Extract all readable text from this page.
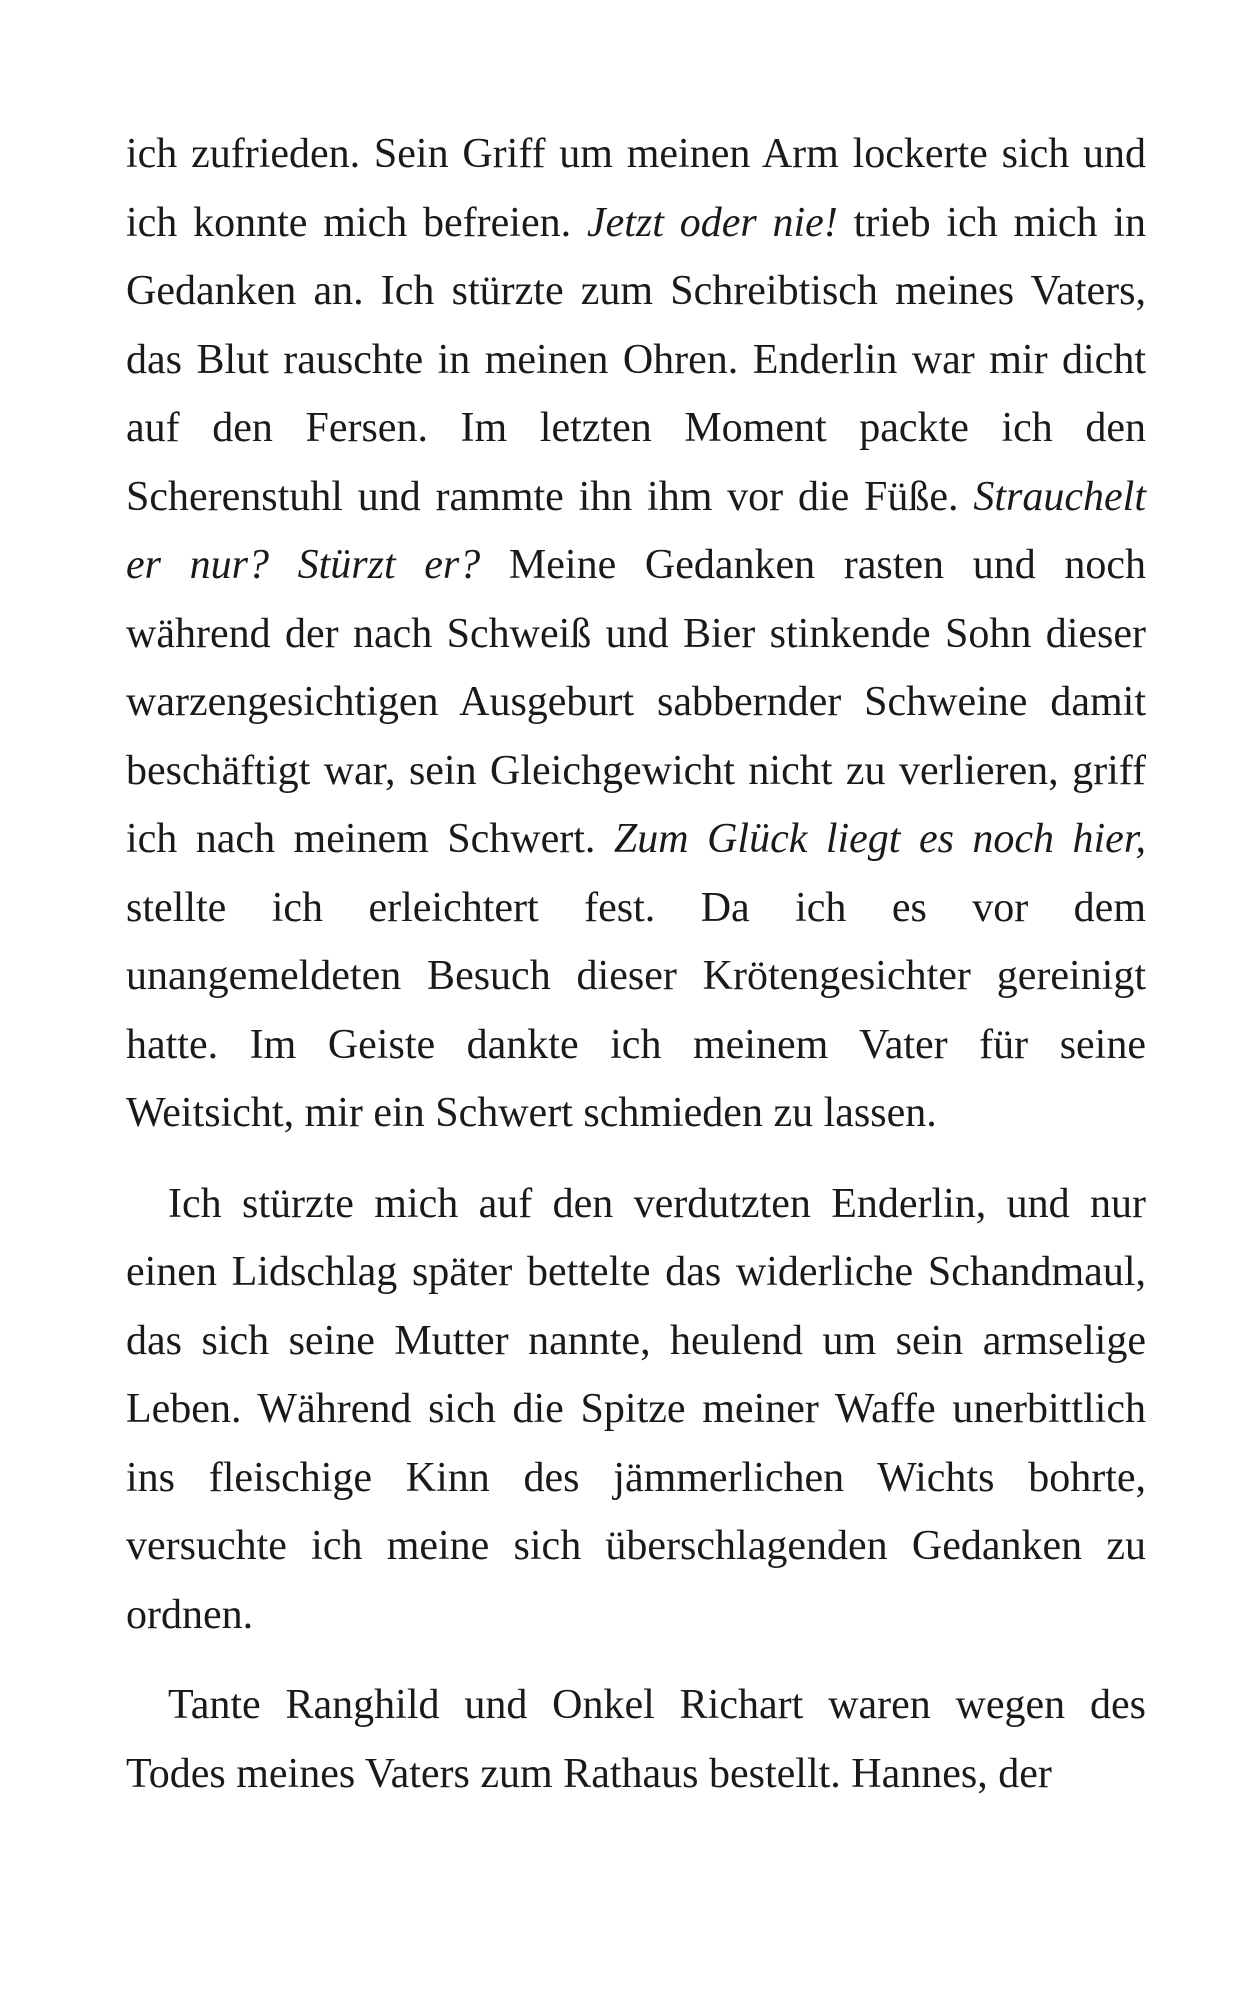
ich zufrieden. Sein Griff um meinen Arm lockerte sich und ich konnte mich befreien. Jetzt oder nie! trieb ich mich in Gedanken an. Ich stürzte zum Schreibtisch meines Vaters, das Blut rauschte in meinen Ohren. Enderlin war mir dicht auf den Fersen. Im letzten Moment packte ich den Scherenstuhl und rammte ihn ihm vor die Füße. Strauchelt er nur? Stürzt er? Meine Gedanken rasten und noch während der nach Schweiß und Bier stinkende Sohn dieser warzengesichtigen Ausgeburt sabbernder Schweine damit beschäftigt war, sein Gleichgewicht nicht zu verlieren, griff ich nach meinem Schwert. Zum Glück liegt es noch hier, stellte ich erleichtert fest. Da ich es vor dem unangemeldeten Besuch dieser Krötengesichter gereinigt hatte. Im Geiste dankte ich meinem Vater für seine Weitsicht, mir ein Schwert schmieden zu lassen.

Ich stürzte mich auf den verdutzten Enderlin, und nur einen Lidschlag später bettelte das widerliche Schandmaul, das sich seine Mutter nannte, heulend um sein armselige Leben. Während sich die Spitze meiner Waffe unerbittlich ins fleischige Kinn des jämmerlichen Wichts bohrte, versuchte ich meine sich überschlagenden Gedanken zu ordnen.

Tante Ranghild und Onkel Richart waren wegen des Todes meines Vaters zum Rathaus bestellt. Hannes, der
